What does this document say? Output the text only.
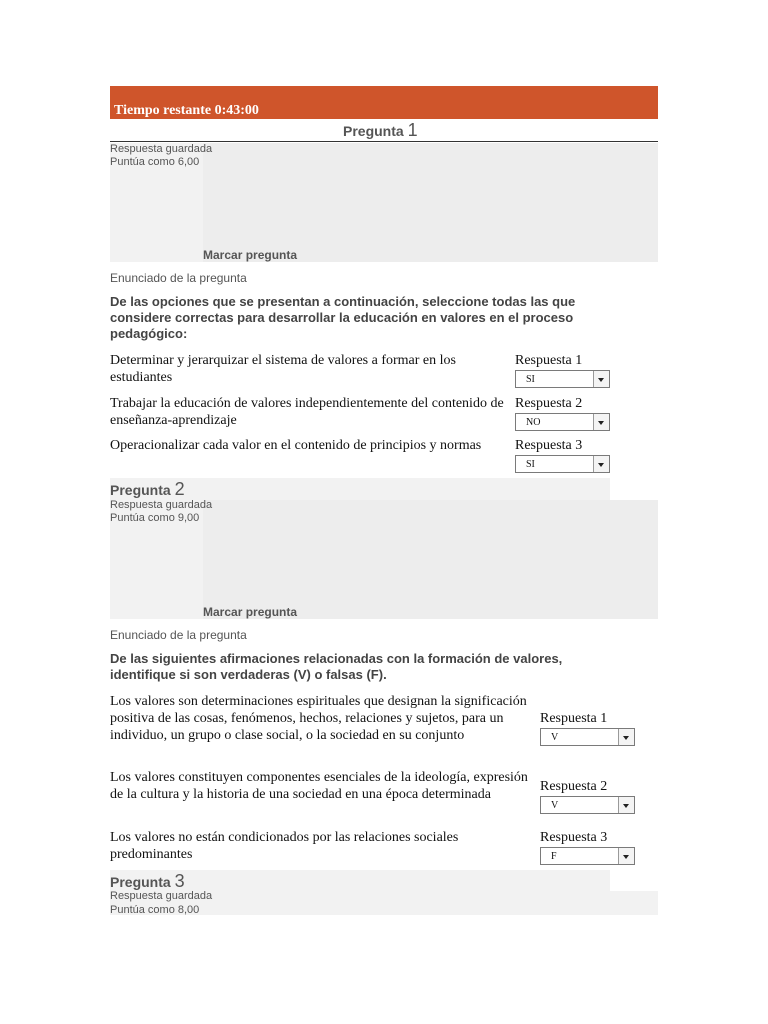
Tiempo restante 0:43:00
Pregunta 1
Respuesta guardada
Puntúa como 6,00
Marcar pregunta
Enunciado de la pregunta
De las opciones que se presentan a continuación, seleccione todas las que considere correctas para desarrollar la educación en valores en el proceso pedagógico:
Determinar y jerarquizar el sistema de valores a formar en los estudiantes
Respuesta 1
SI
Trabajar la educación de valores independientemente del contenido de enseñanza-aprendizaje
Respuesta 2
NO
Operacionalizar cada valor en el contenido de principios y normas	Respuesta 3
SI
Pregunta 2
Respuesta guardada
Puntúa como 9,00
Marcar pregunta
Enunciado de la pregunta
De las siguientes afirmaciones relacionadas con la formación de valores, identifique si son verdaderas (V) o falsas (F).
Los valores son determinaciones espirituales que designan la significación positiva de las cosas, fenómenos, hechos, relaciones y sujetos, para un individuo, un grupo o clase social, o la sociedad en su conjunto
Respuesta 1
V
Los valores constituyen componentes esenciales de la ideología, expresión de la cultura y la historia de una sociedad en una época determinada
Respuesta 2
V
Los valores no están condicionados por las relaciones sociales predominantes
Respuesta 3
F
Pregunta 3
Respuesta guardada
Puntúa como 8,00
